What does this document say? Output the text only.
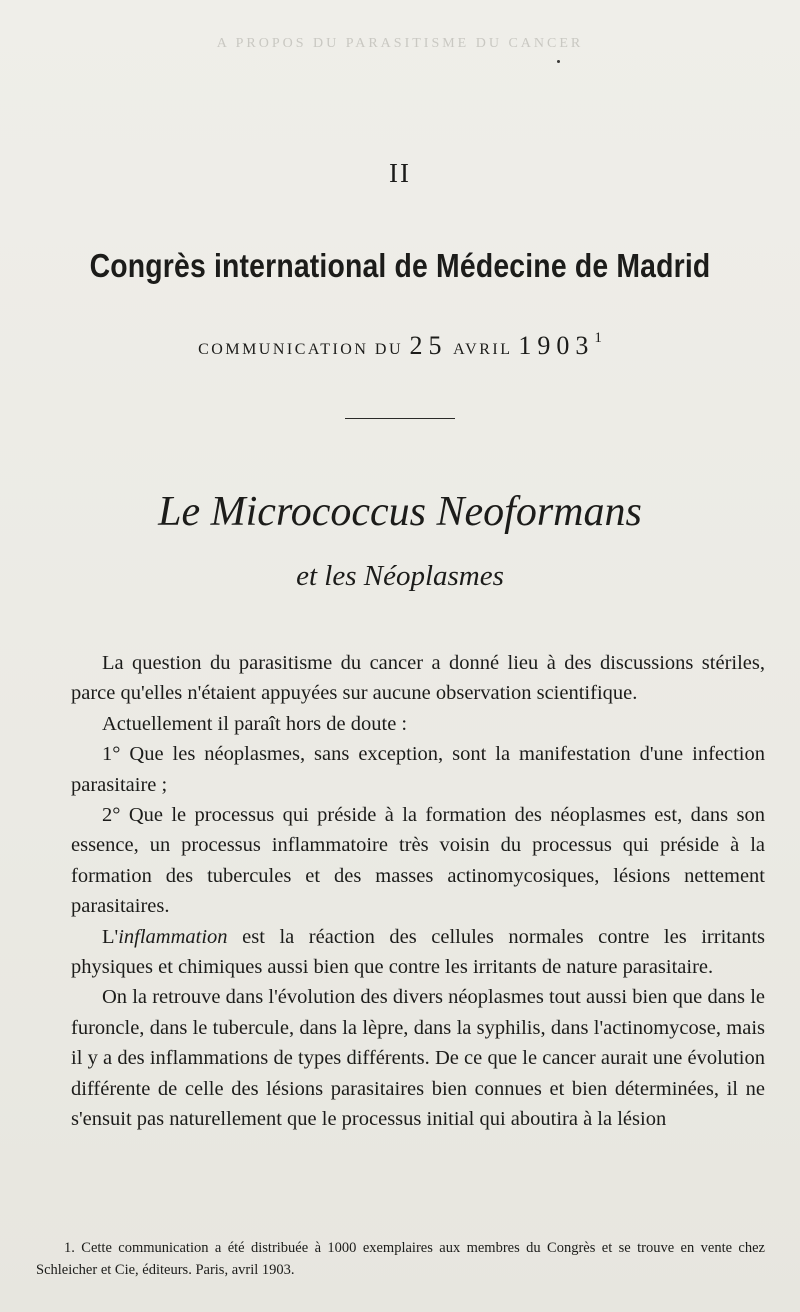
A PROPOS DU PARASITISME DU CANCER
II
Congrès international de Médecine de Madrid
COMMUNICATION DU 25 AVRIL 1903$^1$
Le Micrococcus Neoformans
et les Néoplasmes

La question du parasitisme du cancer a donné lieu à des discussions stériles, parce qu'elles n'étaient appuyées sur aucune observation scientifique.

Actuellement il paraît hors de doute :

1° Que les néoplasmes, sans exception, sont la manifestation d'une infection parasitaire ;

2° Que le processus qui préside à la formation des néoplasmes est, dans son essence, un processus inflammatoire très voisin du processus qui préside à la formation des tubercules et des masses actinomycosiques, lésions nettement parasitaires.

L'inflammation est la réaction des cellules normales contre les irritants physiques et chimiques aussi bien que contre les irritants de nature parasitaire.

On la retrouve dans l'évolution des divers néoplasmes tout aussi bien que dans le furoncle, dans le tubercule, dans la lèpre, dans la syphilis, dans l'actinomycose, mais il y a des inflammations de types différents. De ce que le cancer aurait une évolution différente de celle des lésions parasitaires bien connues et bien déterminées, il ne s'ensuit pas naturellement que le processus initial qui aboutira à la lésion

1. Cette communication a été distribuée à 1000 exemplaires aux membres du Congrès et se trouve en vente chez Schleicher et Cie, éditeurs. Paris, avril 1903.
